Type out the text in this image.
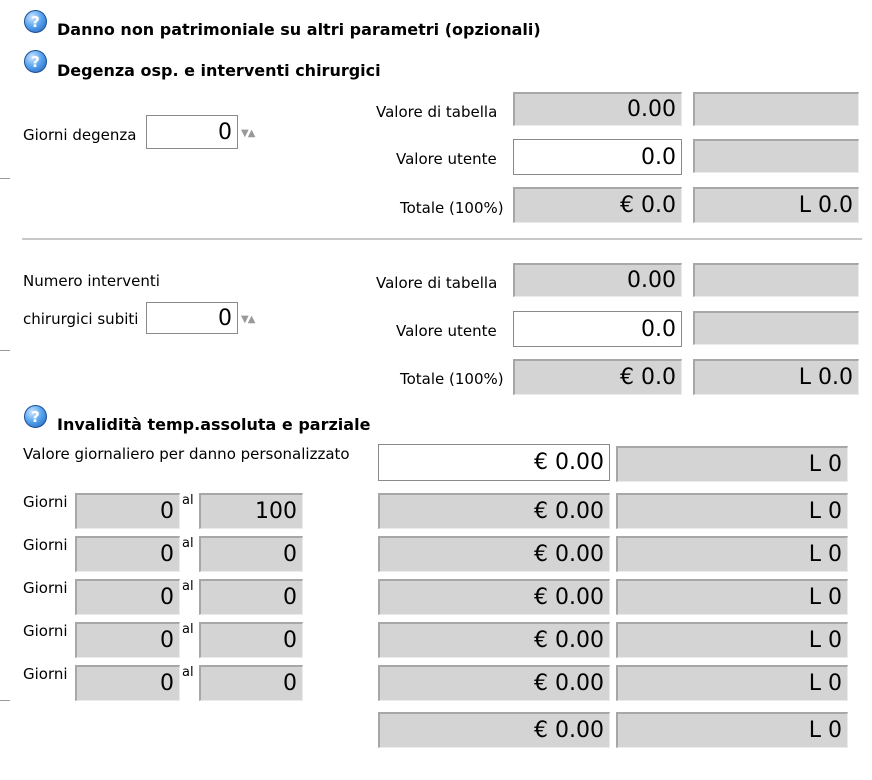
?
Danno non patrimoniale su altri parametri (opzionali)
?
Degenza osp. e interventi chirurgici
Giorni degenza	0 ▼▲
Valore di tabella	0.00
Valore utente	0.0
Totale (100%)	€ 0.0	L 0.0
Numero interventi
chirurgici subiti	0 ▼▲
Valore di tabella	0.00
Valore utente	0.0
Totale (100%)	€ 0.0	L 0.0
?
Invalidità temp.assoluta e parziale
Valore giornaliero per danno personalizzato	€ 0.00	L 0
Giorni	0 al	100	€ 0.00	L 0
Giorni	0 al	0	€ 0.00	L 0
Giorni	0 al	0	€ 0.00	L 0
Giorni	0 al	0	€ 0.00	L 0
Giorni	0 al	0	€ 0.00	L 0
€ 0.00	L 0
